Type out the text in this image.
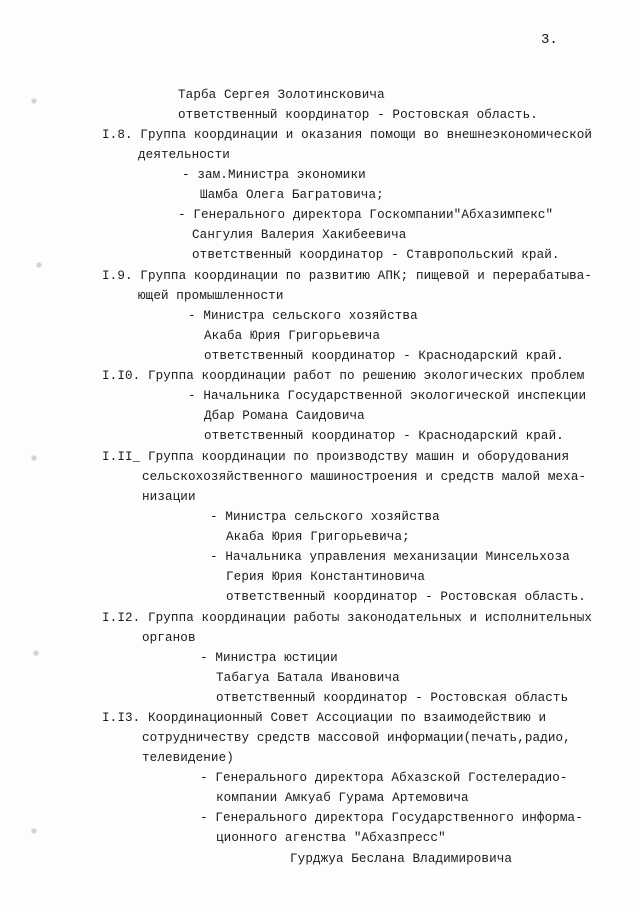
3.
Тарба Сергея Золотинсковича
ответственный координатор - Ростовская область.
I.8. Группа координации и оказания помощи во внешнеэкономической
деятельности
- зам.Министра экономики
Шамба Олега Багратовича;
- Генерального директора Госкомпании"Абхазимпекс"
Сангулия Валерия Хакибеевича
ответственный координатор - Ставропольский край.
I.9. Группа координации по развитию АПК; пищевой и перерабатыва-
ющей промышленности
- Министра сельского хозяйства
Акаба Юрия Григорьевича
ответственный координатор - Краснодарский край.
I.I0. Группа координации работ по решению экологических проблем
- Начальника Государственной экологической инспекции
Дбар Романа Саидовича
ответственный координатор - Краснодарский край.
I.II_ Группа координации по производству машин и оборудования
сельскохозяйственного машиностроения и средств малой меха-
низации
- Министра сельского хозяйства
Акаба Юрия Григорьевича;
- Начальника управления механизации Минсельхоза
Герия Юрия Константиновича
ответственный координатор - Ростовская область.
I.I2. Группа координации работы законодательных и исполнительных
органов
- Министра юстиции
Табагуа Батала Ивановича
ответственный координатор - Ростовская область
I.I3. Координационный Совет Ассоциации по взаимодействию и
сотрудничеству средств массовой информации(печать,радио,
телевидение)
- Генерального директора Абхазской Гостелерадио-
компании Амкуаб Гурама Артемовича
- Генерального директора Государственного информа-
ционного агенства "Абхазпресс"
Гурджуа Беслана Владимировича
